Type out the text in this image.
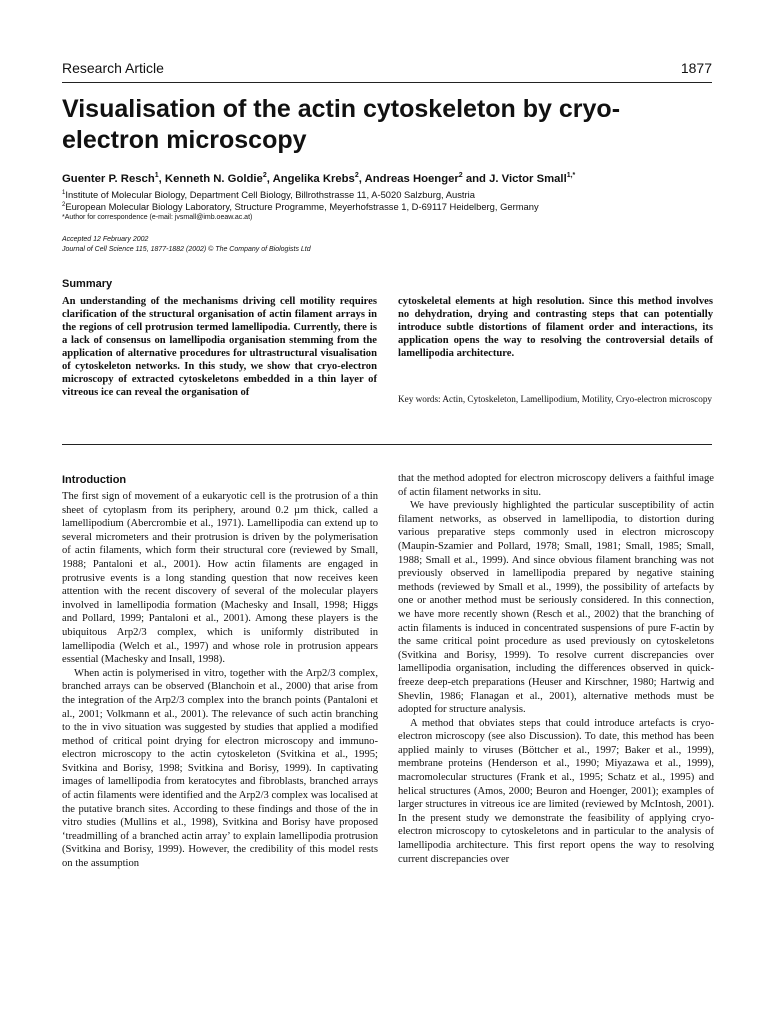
Research Article	1877
Visualisation of the actin cytoskeleton by cryo-electron microscopy
Guenter P. Resch$^1$, Kenneth N. Goldie$^2$, Angelika Krebs$^2$, Andreas Hoenger$^2$ and J. Victor Small$^{1,*}$
$^1$Institute of Molecular Biology, Department Cell Biology, Billrothstrasse 11, A-5020 Salzburg, Austria
$^2$European Molecular Biology Laboratory, Structure Programme, Meyerhofstrasse 1, D-69117 Heidelberg, Germany
*Author for correspondence (e-mail: jvsmall@imb.oeaw.ac.at)
Accepted 12 February 2002
Journal of Cell Science 115, 1877-1882 (2002) © The Company of Biologists Ltd
Summary

An understanding of the mechanisms driving cell motility requires clarification of the structural organisation of actin filament arrays in the regions of cell protrusion termed lamellipodia. Currently, there is a lack of consensus on lamellipodia organisation stemming from the application of alternative procedures for ultrastructural visualisation of cytoskeleton networks. In this study, we show that cryo-electron microscopy of extracted cytoskeletons embedded in a thin layer of vitreous ice can reveal the organisation of

cytoskeletal elements at high resolution. Since this method involves no dehydration, drying and contrasting steps that can potentially introduce subtle distortions of filament order and interactions, its application opens the way to resolving the controversial details of lamellipodia architecture.

Key words: Actin, Cytoskeleton, Lamellipodium, Motility, Cryo-electron microscopy

Introduction

The first sign of movement of a eukaryotic cell is the protrusion of a thin sheet of cytoplasm from its periphery, around 0.2 µm thick, called a lamellipodium (Abercrombie et al., 1971). Lamellipodia can extend up to several micrometers and their protrusion is driven by the polymerisation of actin filaments, which form their structural core (reviewed by Small, 1988; Pantaloni et al., 2001). How actin filaments are engaged in protrusive events is a long standing question that now receives keen attention with the recent discovery of several of the molecular players involved in lamellipodia formation (Machesky and Insall, 1998; Higgs and Pollard, 1999; Pantaloni et al., 2001). Among these players is the ubiquitous Arp2/3 complex, which is uniformly distributed in lamellipodia (Welch et al., 1997) and whose role in protrusion appears essential (Machesky and Insall, 1998).

When actin is polymerised in vitro, together with the Arp2/3 complex, branched arrays can be observed (Blanchoin et al., 2000) that arise from the integration of the Arp2/3 complex into the branch points (Pantaloni et al., 2001; Volkmann et al., 2001). The relevance of such actin branching to the in vivo situation was suggested by studies that applied a modified method of critical point drying for electron microscopy and immuno-electron microscopy to the actin cytoskeleton (Svitkina et al., 1995; Svitkina and Borisy, 1998; Svitkina and Borisy, 1999). In captivating images of lamellipodia from keratocytes and fibroblasts, branched arrays of actin filaments were identified and the Arp2/3 complex was localised at the putative branch sites. According to these findings and those of the in vitro studies (Mullins et al., 1998), Svitkina and Borisy have proposed ‘treadmilling of a branched actin array’ to explain lamellipodia protrusion (Svitkina and Borisy, 1999). However, the credibility of this model rests on the assumption

that the method adopted for electron microscopy delivers a faithful image of actin filament networks in situ.

We have previously highlighted the particular susceptibility of actin filament networks, as observed in lamellipodia, to distortion during various preparative steps commonly used in electron microscopy (Maupin-Szamier and Pollard, 1978; Small, 1981; Small, 1985; Small, 1988; Small et al., 1999). And since obvious filament branching was not previously observed in lamellipodia prepared by negative staining methods (reviewed by Small et al., 1999), the possibility of artefacts by one or another method must be seriously considered. In this connection, we have more recently shown (Resch et al., 2002) that the branching of actin filaments is induced in concentrated suspensions of pure F-actin by the same critical point procedure as used previously on cytoskeletons (Svitkina and Borisy, 1999). To resolve current discrepancies over lamellipodia organisation, including the differences observed in quick-freeze deep-etch preparations (Heuser and Kirschner, 1980; Hartwig and Shevlin, 1986; Flanagan et al., 2001), alternative methods must be adopted for structure analysis.

A method that obviates steps that could introduce artefacts is cryo-electron microscopy (see also Discussion). To date, this method has been applied mainly to viruses (Böttcher et al., 1997; Baker et al., 1999), membrane proteins (Henderson et al., 1990; Miyazawa et al., 1999), macromolecular structures (Frank et al., 1995; Schatz et al., 1995) and helical structures (Amos, 2000; Beuron and Hoenger, 2001); examples of larger structures in vitreous ice are limited (reviewed by McIntosh, 2001). In the present study we demonstrate the feasibility of applying cryo-electron microscopy to cytoskeletons and in particular to the analysis of lamellipodia architecture. This first report opens the way to resolving current discrepancies over
